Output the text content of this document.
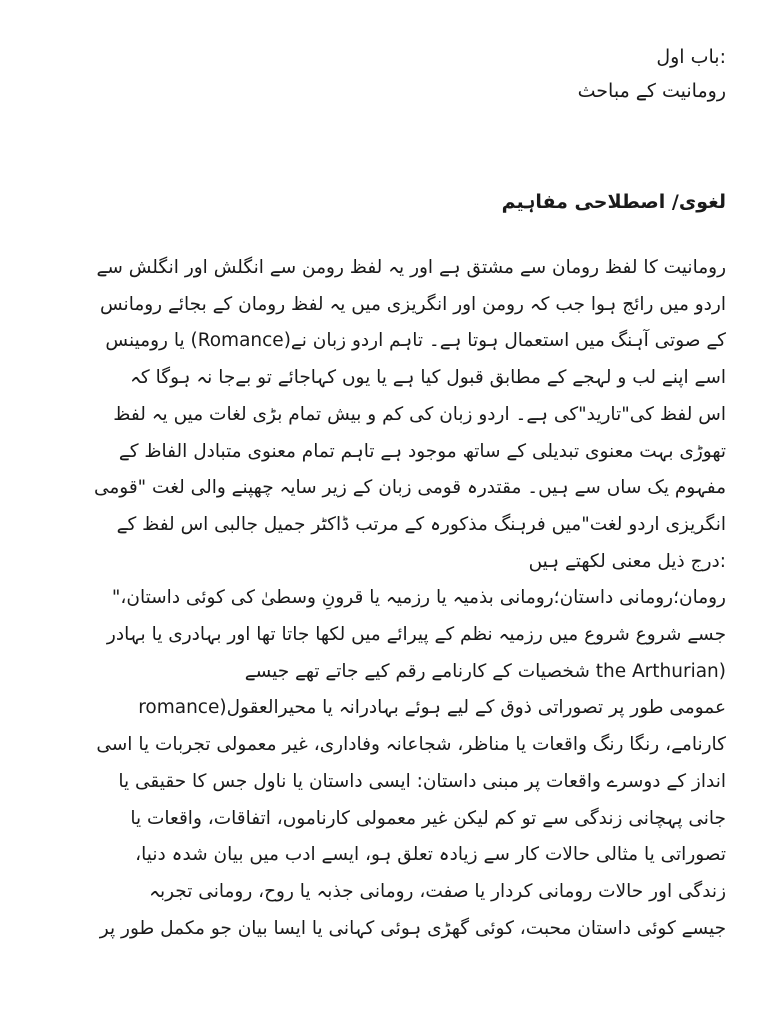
:باب اول

رومانیت کے مباحث

لغوی/ اصطلاحی مفاہیم

رومانیت کا لفظ رومان سے مشتق ہے اور یہ لفظ رومن سے انگلش اور انگلش سے

اردو میں رائج ہوا جب کہ رومن اور انگریزی میں یہ لفظ رومان کے بجائے رومانس

کے صوتی آہنگ میں استعمال ہوتا ہے۔ تاہم اردو زبان نے(Romance) یا رومینس

اسے اپنے لب و لہجے کے مطابق قبول کیا ہے یا یوں کہاجائے تو بےجا نہ ہوگا کہ

اس لفظ کی"تارید"کی ہے۔ اردو زبان کی کم و بیش تمام بڑی لغات میں یہ لفظ

تھوڑی بہت معنوی تبدیلی کے ساتھ موجود ہے تاہم تمام معنوی متبادل الفاظ کے

مفہوم یک ساں سے ہیں۔ مقتدرہ قومی زبان کے زیر سایہ چھپنے والی لغت "قومی

انگریزی اردو لغت"میں فرہنگ مذکورہ کے مرتب ڈاکٹر جمیل جالبی اس لفظ کے

:درج ذیل معنی لکھتے ہیں

رومان؛رومانی داستان؛رومانی بذمیہ یا رزمیہ یا قرونِ وسطیٰ کی کوئی داستان،"

جسے شروع شروع میں رزمیہ نظم کے پیرائے میں لکھا جاتا تھا اور بہادری یا بہادر

(the Arthurian شخصیات کے کارنامے رقم کیے جاتے تھے جیسے

عمومی طور پر تصوراتی ذوق کے لیے ہوئے بہادرانہ یا محیرالعقول(romance

کارنامے، رنگا رنگ واقعات یا مناظر، شجاعانہ وفاداری، غیر معمولی تجربات یا اسی

انداز کے دوسرے واقعات پر مبنی داستان: ایسی داستان یا ناول جس کا حقیقی یا

جانی پہچانی زندگی سے تو کم لیکن غیر معمولی کارناموں، اتفاقات، واقعات یا

تصوراتی یا مثالی حالات کار سے زیادہ تعلق ہو، ایسے ادب میں بیان شدہ دنیا،

زندگی اور حالات رومانی کردار یا صفت، رومانی جذبہ یا روح، رومانی تجربہ

جیسے کوئی داستان محبت، کوئی گھڑی ہوئی کہانی یا ایسا بیان جو مکمل طور پر
